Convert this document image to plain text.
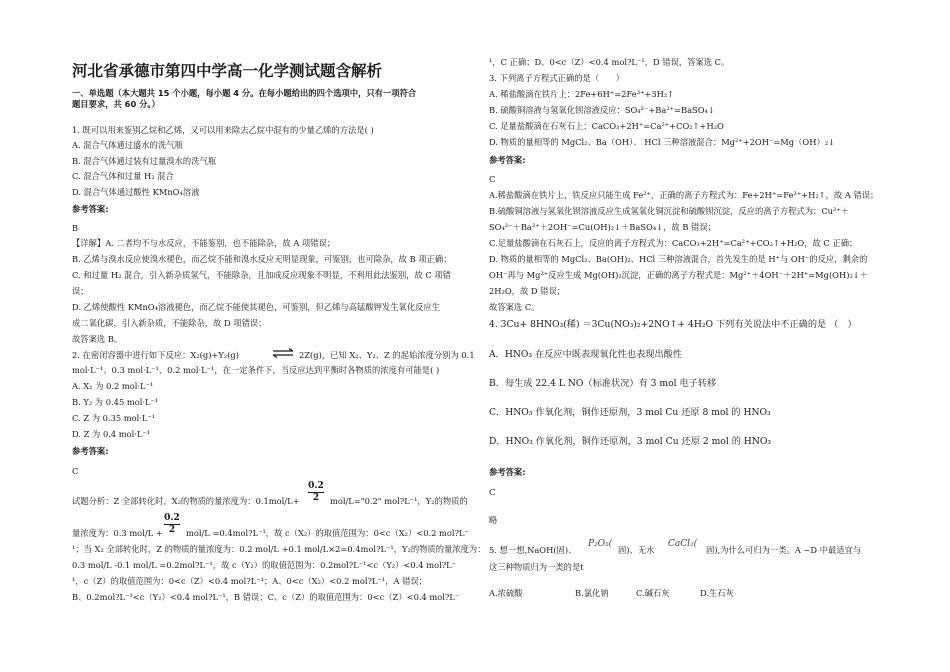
河北省承德市第四中学高一化学测试题含解析
一、单选题（本大题共 15 个小题，每小题 4 分。在每小题给出的四个选项中，只有一项符合
题目要求，共 60 分。）
1. 既可以用来鉴别乙烷和乙烯，又可以用来除去乙烷中混有的少量乙烯的方法是( )
A. 混合气体通过盛水的洗气瓶
B. 混合气体通过装有过量溴水的洗气瓶
C. 混合气体和过量 H₂ 混合
D. 混合气体通过酸性 KMnO₄溶液
参考答案:
B
【详解】A. 二者均不与水反应，不能鉴别，也不能除杂，故 A 项错误；
B. 乙烯与溴水反应使溴水褪色，而乙烷不能和溴水反应无明显现象，可鉴别，也可除杂，故 B 项正确；
C. 和过量 H₂ 混合，引入新杂质氢气，不能除杂，且加成反应现象不明显，不利用此法鉴别，故 C 项错
误；
D. 乙烯使酸性 KMnO₄溶液褪色，而乙烷不能使其褪色，可鉴别，但乙烯与高锰酸钾发生氧化反应生
成二氧化碳，引入新杂质，不能除杂，故 D 项错误；
故答案选 B。
2. 在密闭容器中进行如下反应：X₂(g)+Y₂(g) ⇌ 2Z(g)，已知 X₂、Y₂、Z 的起始浓度分别为 0.1
mol·L⁻¹、0.3 mol·L⁻¹、0.2 mol·L⁻¹，在一定条件下，当反应达到平衡时各物质的浓度有可能是( )
A. X₂ 为 0.2 mol·L⁻¹
B. Y₂ 为 0.45 mol·L⁻¹
C. Z 为 0.35 mol·L⁻¹
D. Z 为 0.4 mol·L⁻¹
参考答案:
C
试题分析：Z 全部转化时，X₂的物质的量浓度为：0.1mol/L+
0.2
2	mol/L="0.2" mol?L⁻¹，Y₂的物质的
量浓度为：0.3 mol/L +
0.2
2	mol/L =0.4mol?L⁻¹，故 c（X₂）的取值范围为：0<c（X₂）<0.2 mol?L⁻
¹；当 X₂ 全部转化时，Z 的物质的量浓度为：0.2 mol/L +0.1 mol/L×2=0.4mol?L⁻¹，Y₂的物质的量浓度为：
0.3 mol/L -0.1 mol/L =0.2mol?L⁻¹，故 c（Y₂）的取值范围为：0.2mol?L⁻¹<c（Y₂）<0.4 mol?L⁻
¹，c（Z）的取值范围为：0<c（Z）<0.4 mol?L⁻¹；A、0<c（X₂）<0.2 mol?L⁻¹，A 错误；
B、0.2mol?L⁻¹<c（Y₂）<0.4 mol?L⁻¹，B 错误；C、c（Z）的取值范围为：0<c（Z）<0.4 mol?L⁻
¹，C 正确；D、0<c（Z）<0.4 mol?L⁻¹，D 错误，答案选 C。
3. 下列离子方程式正确的是（　　）
A. 稀盐酸滴在铁片上：2Fe+6H⁺=2Fe³⁺+3H₂↑
B. 硫酸铜溶液与氢氧化钡溶液反应：SO₄²⁻+Ba²⁺=BaSO₄↓
C. 足量盐酸滴在石灰石上：CaCO₃+2H⁺=Ca²⁺+CO₂↑+H₂O
D. 物质的量相等的 MgCl₂、Ba（OH）、 HCl 三种溶液混合：Mg²⁺+2OH⁻=Mg（OH）₂↓
参考答案:
C
A.稀盐酸滴在铁片上，铁反应只能生成 Fe²⁺，正确的离子方程式为：Fe+2H⁺=Fe²⁺+H₂↑，故 A 错误；
B.硫酸铜溶液与氢氧化钡溶液反应生成氢氧化铜沉淀和硫酸钡沉淀，反应的离子方程式为：Cu²⁺＋
SO₄²⁻＋Ba²⁺＋2OH⁻=Cu(OH)₂↓＋BaSO₄↓，故 B 错误；
C.足量盐酸滴在石灰石上，反应的离子方程式为：CaCO₃+2H⁺=Ca²⁺+CO₂↑+H₂O，故 C 正确；
D. 物质的量相等的 MgCl₂、Ba(OH)₂、HCl 三种溶液混合，首先发生的是 H⁺与 OH⁻的反应，剩余的
OH⁻再与 Mg²⁺反应生成 Mg(OH)₂沉淀，正确的离子方程式是：Mg²⁺＋4OH⁻＋2H⁺=Mg(OH)₂↓＋
2H₂O，故 D 错误；
故答案选 C。
4. 3Cu+ 8HNO₃(稀) ＝3Cu(NO₃)₂+2NO↑+ 4H₂O 下列有关说法中不正确的是 （　）
A．HNO₃ 在反应中既表现氧化性也表现出酸性
B．每生成 22.4 L NO（标准状况）有 3 mol 电子转移
C．HNO₃ 作氧化剂，铜作还原剂，3 mol Cu 还原 8 mol 的 HNO₃
D．HNO₃ 作氧化剂，铜作还原剂，3 mol Cu 还原 2 mol 的 HNO₃
参考答案:
C
略
5. 想一想,NaOH(固)、
P₂O₅(
固)、无水
CaCl₂(
固),为什么可归为一类。A ~D 中最适宜与
这三种物质归为一类的是t
A.浓硫酸	B.氯化钠	C.碱石灰	D.生石灰
